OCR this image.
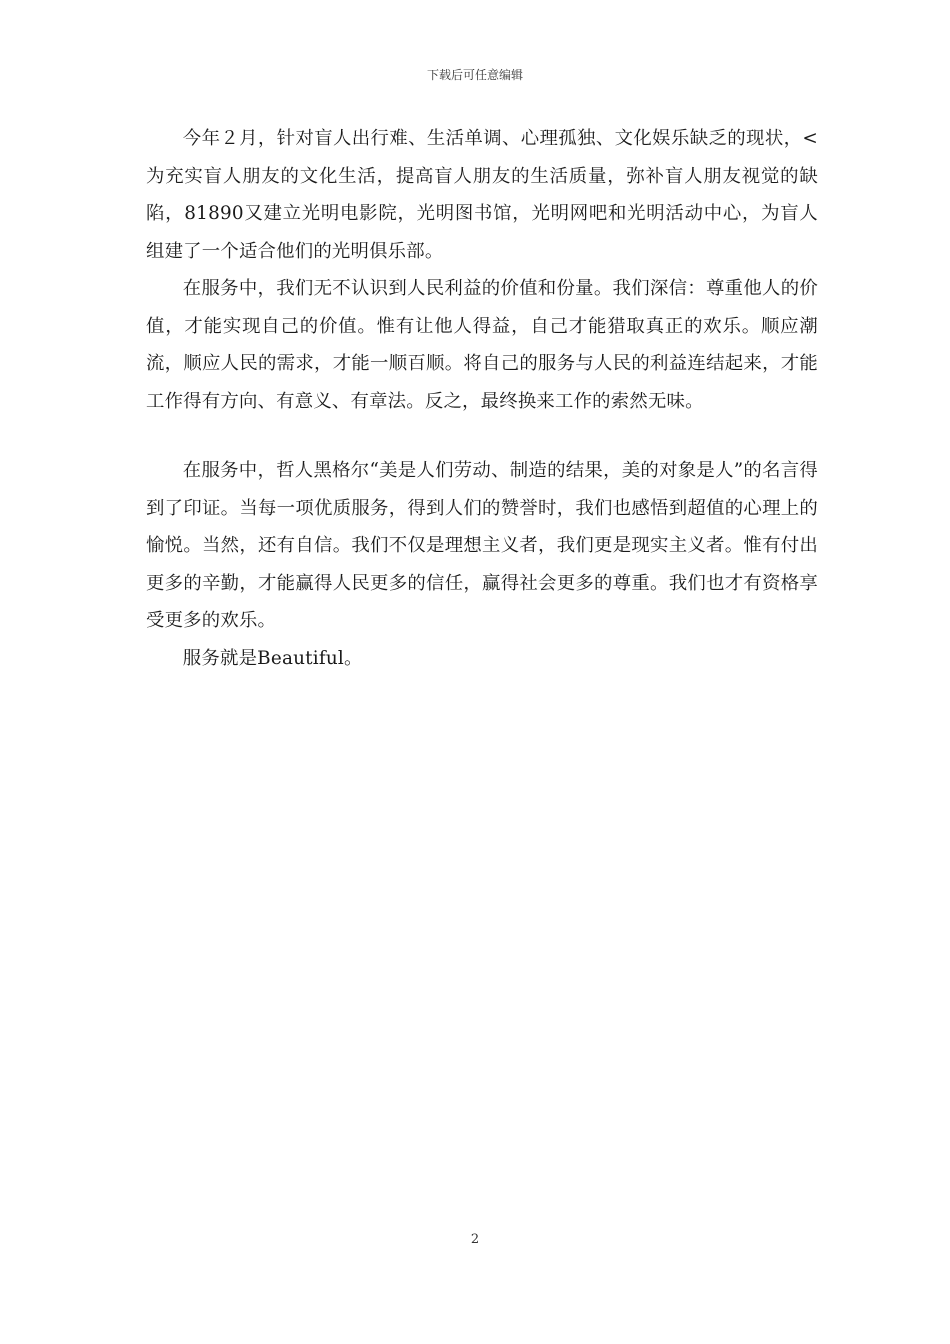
下载后可任意编辑

今年２月，针对盲人出行难、生活单调、心理孤独、文化娱乐缺乏的现状，<为充实盲人朋友的文化生活，提高盲人朋友的生活质量，弥补盲人朋友视觉的缺陷，81890又建立光明电影院，光明图书馆，光明网吧和光明活动中心，为盲人组建了一个适合他们的光明俱乐部。

在服务中，我们无不认识到人民利益的价值和份量。我们深信：尊重他人的价值，才能实现自己的价值。惟有让他人得益，自己才能猎取真正的欢乐。顺应潮流，顺应人民的需求，才能一顺百顺。将自己的服务与人民的利益连结起来，才能工作得有方向、有意义、有章法。反之，最终换来工作的索然无味。

在服务中，哲人黑格尔“美是人们劳动、制造的结果，美的对象是人”的名言得到了印证。当每一项优质服务，得到人们的赞誉时，我们也感悟到超值的心理上的愉悦。当然，还有自信。我们不仅是理想主义者，我们更是现实主义者。惟有付出更多的辛勤，才能赢得人民更多的信任，赢得社会更多的尊重。我们也才有资格享受更多的欢乐。

服务就是Beautiful。

2
